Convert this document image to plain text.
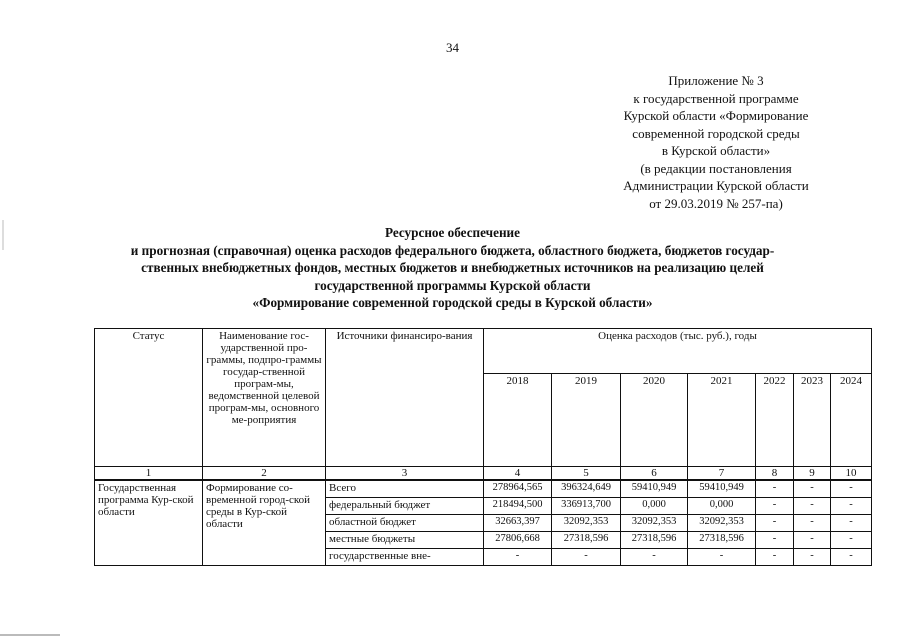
34
Приложение № 3
к государственной программе
Курской области «Формирование
современной городской среды
в Курской области»
(в редакции постановления
Администрации Курской области
от 29.03.2019 № 257-па)
Ресурсное обеспечение
и прогнозная (справочная) оценка расходов федерального бюджета, областного бюджета, бюджетов государ-
ственных внебюджетных фондов, местных бюджетов и внебюджетных источников на реализацию целей
государственной программы Курской области
«Формирование современной городской среды в Курской области»
Статус	Наименование гос-ударственной про-граммы, подпро-граммы государ-ственной програм-мы, ведомственной целевой програм-мы, основного ме-роприятия	Источники финансиро-вания	Оценка расходов (тыс. руб.), годы						
			2018	2019	2020	2021	2022	2023	2024
1	2	3	4	5	6	7	8	9	10
Государственная программа Кур-ской области	Формирование со-временной город-ской среды в Кур-ской области	Всего	278964,565	396324,649	59410,949	59410,949	-	-	-
		федеральный бюджет	218494,500	336913,700	0,000	0,000	-	-	-
		областной бюджет	32663,397	32092,353	32092,353	32092,353	-	-	-
		местные бюджеты	27806,668	27318,596	27318,596	27318,596	-	-	-
		государственные вне-	-	-	-	-	-	-	-
